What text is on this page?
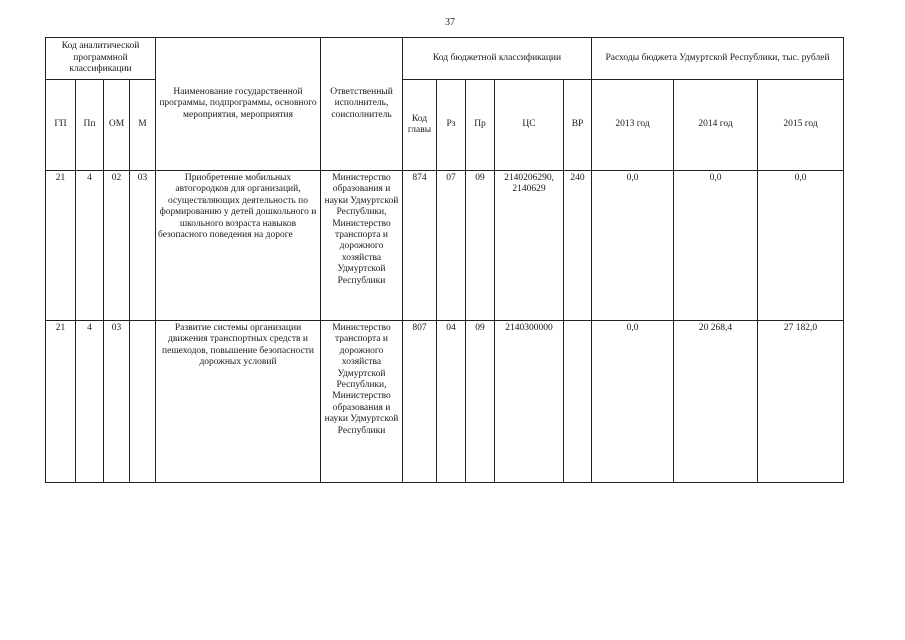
37
Код аналитической программной классификации				Наименование государственной программы, подпрограммы, основного мероприятия, мероприятия	Ответственный исполнитель, соисполнитель	Код бюджетной классификации					Расходы бюджета Удмуртской Республики, тыс. рублей		
ГП	Пп	ОМ	М			Код главы	Рз	Пр	ЦС	ВР	2013 год	2014 год	2015 год
21	4	02	03	Приобретение мобильных автогородков для организаций, осуществляющих деятельность по формированию у детей дошкольного и школьного возраста навыков безопасного поведения на дороге	Министерство образования и науки Удмуртской Республики, Министерство транспорта и дорожного хозяйства Удмуртской Республики	874	07	09	2140206290, 2140629	240	0,0	0,0	0,0
21	4	03		Развитие системы организации движения транспортных средств и пешеходов, повышение безопасности дорожных условий	Министерство транспорта и дорожного хозяйства Удмуртской Республики, Министерство образования и науки Удмуртской Республики	807	04	09	2140300000		0,0	20 268,4	27 182,0
